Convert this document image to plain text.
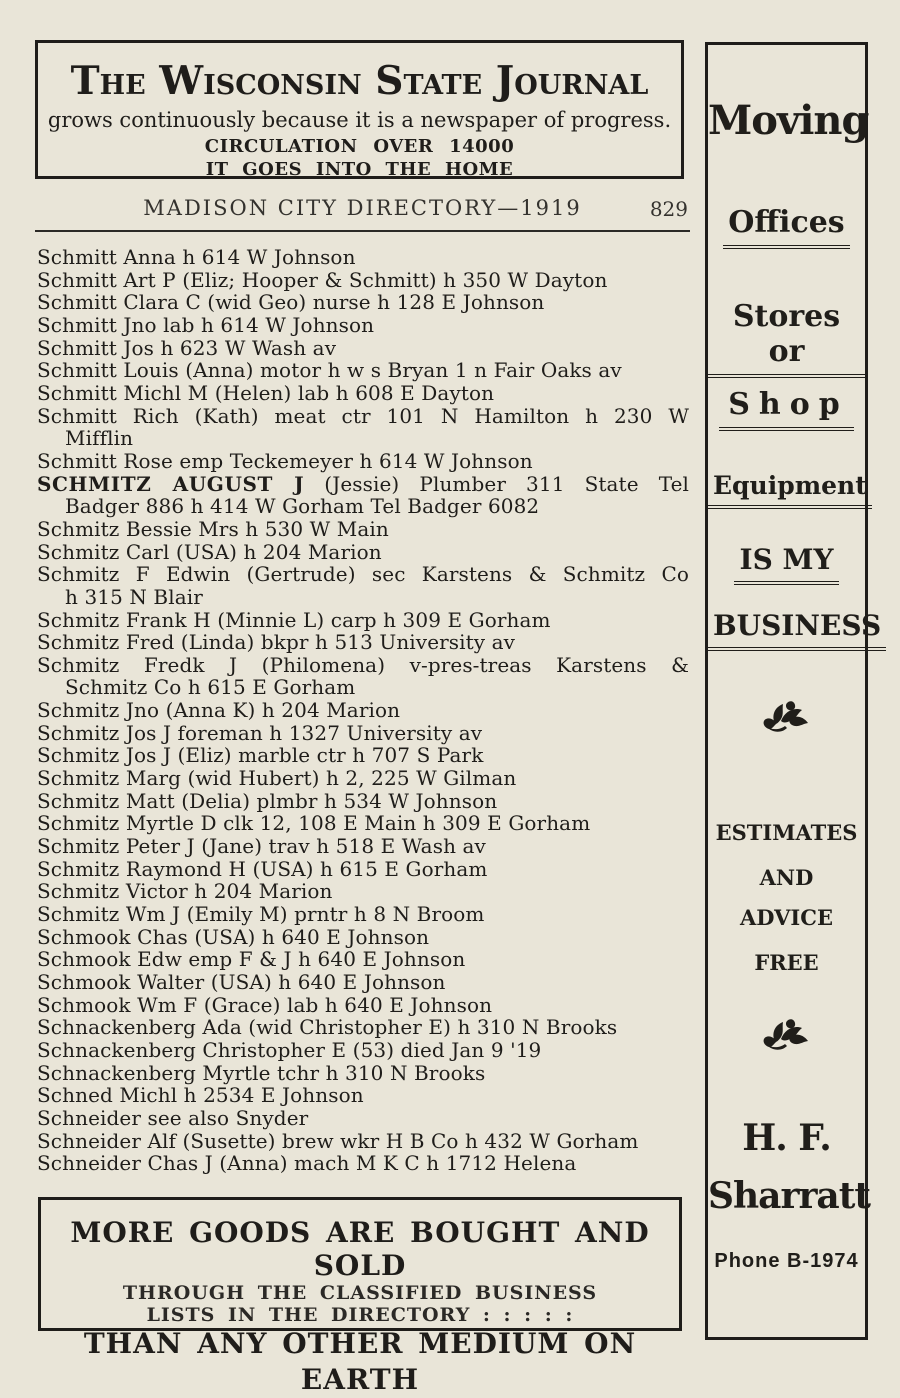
The Wisconsin State Journal
grows continuously because it is a newspaper of progress.
CIRCULATION OVER 14000
IT GOES INTO THE HOME
MADISON CITY DIRECTORY—1919	829
Schmitt Anna h 614 W Johnson
Schmitt Art P (Eliz; Hooper & Schmitt) h 350 W Dayton
Schmitt Clara C (wid Geo) nurse h 128 E Johnson
Schmitt Jno lab h 614 W Johnson
Schmitt Jos h 623 W Wash av
Schmitt Louis (Anna) motor h w s Bryan 1 n Fair Oaks av
Schmitt Michl M (Helen) lab h 608 E Dayton
Schmitt Rich (Kath) meat ctr 101 N Hamilton h 230 W
Mifflin
Schmitt Rose emp Teckemeyer h 614 W Johnson
SCHMITZ AUGUST J (Jessie) Plumber 311 State Tel
Badger 886 h 414 W Gorham Tel Badger 6082
Schmitz Bessie Mrs h 530 W Main
Schmitz Carl (USA) h 204 Marion
Schmitz F Edwin (Gertrude) sec Karstens & Schmitz Co
h 315 N Blair
Schmitz Frank H (Minnie L) carp h 309 E Gorham
Schmitz Fred (Linda) bkpr h 513 University av
Schmitz Fredk J (Philomena) v-pres-treas Karstens &
Schmitz Co h 615 E Gorham
Schmitz Jno (Anna K) h 204 Marion
Schmitz Jos J foreman h 1327 University av
Schmitz Jos J (Eliz) marble ctr h 707 S Park
Schmitz Marg (wid Hubert) h 2, 225 W Gilman
Schmitz Matt (Delia) plmbr h 534 W Johnson
Schmitz Myrtle D clk 12, 108 E Main h 309 E Gorham
Schmitz Peter J (Jane) trav h 518 E Wash av
Schmitz Raymond H (USA) h 615 E Gorham
Schmitz Victor h 204 Marion
Schmitz Wm J (Emily M) prntr h 8 N Broom
Schmook Chas (USA) h 640 E Johnson
Schmook Edw emp F & J h 640 E Johnson
Schmook Walter (USA) h 640 E Johnson
Schmook Wm F (Grace) lab h 640 E Johnson
Schnackenberg Ada (wid Christopher E) h 310 N Brooks
Schnackenberg Christopher E (53) died Jan 9 '19
Schnackenberg Myrtle tchr h 310 N Brooks
Schned Michl h 2534 E Johnson
Schneider see also Snyder
Schneider Alf (Susette) brew wkr H B Co h 432 W Gorham
Schneider Chas J (Anna) mach M K C h 1712 Helena
MORE GOODS ARE BOUGHT AND SOLD
THROUGH THE CLASSIFIED BUSINESS
LISTS IN THE DIRECTORY : : : : :
THAN ANY OTHER MEDIUM ON EARTH
Moving
Offices
Stores or
Shop
Equipment
IS MY
BUSINESS
ESTIMATES
AND
ADVICE
FREE
H. F.
Sharratt
Phone B-1974
